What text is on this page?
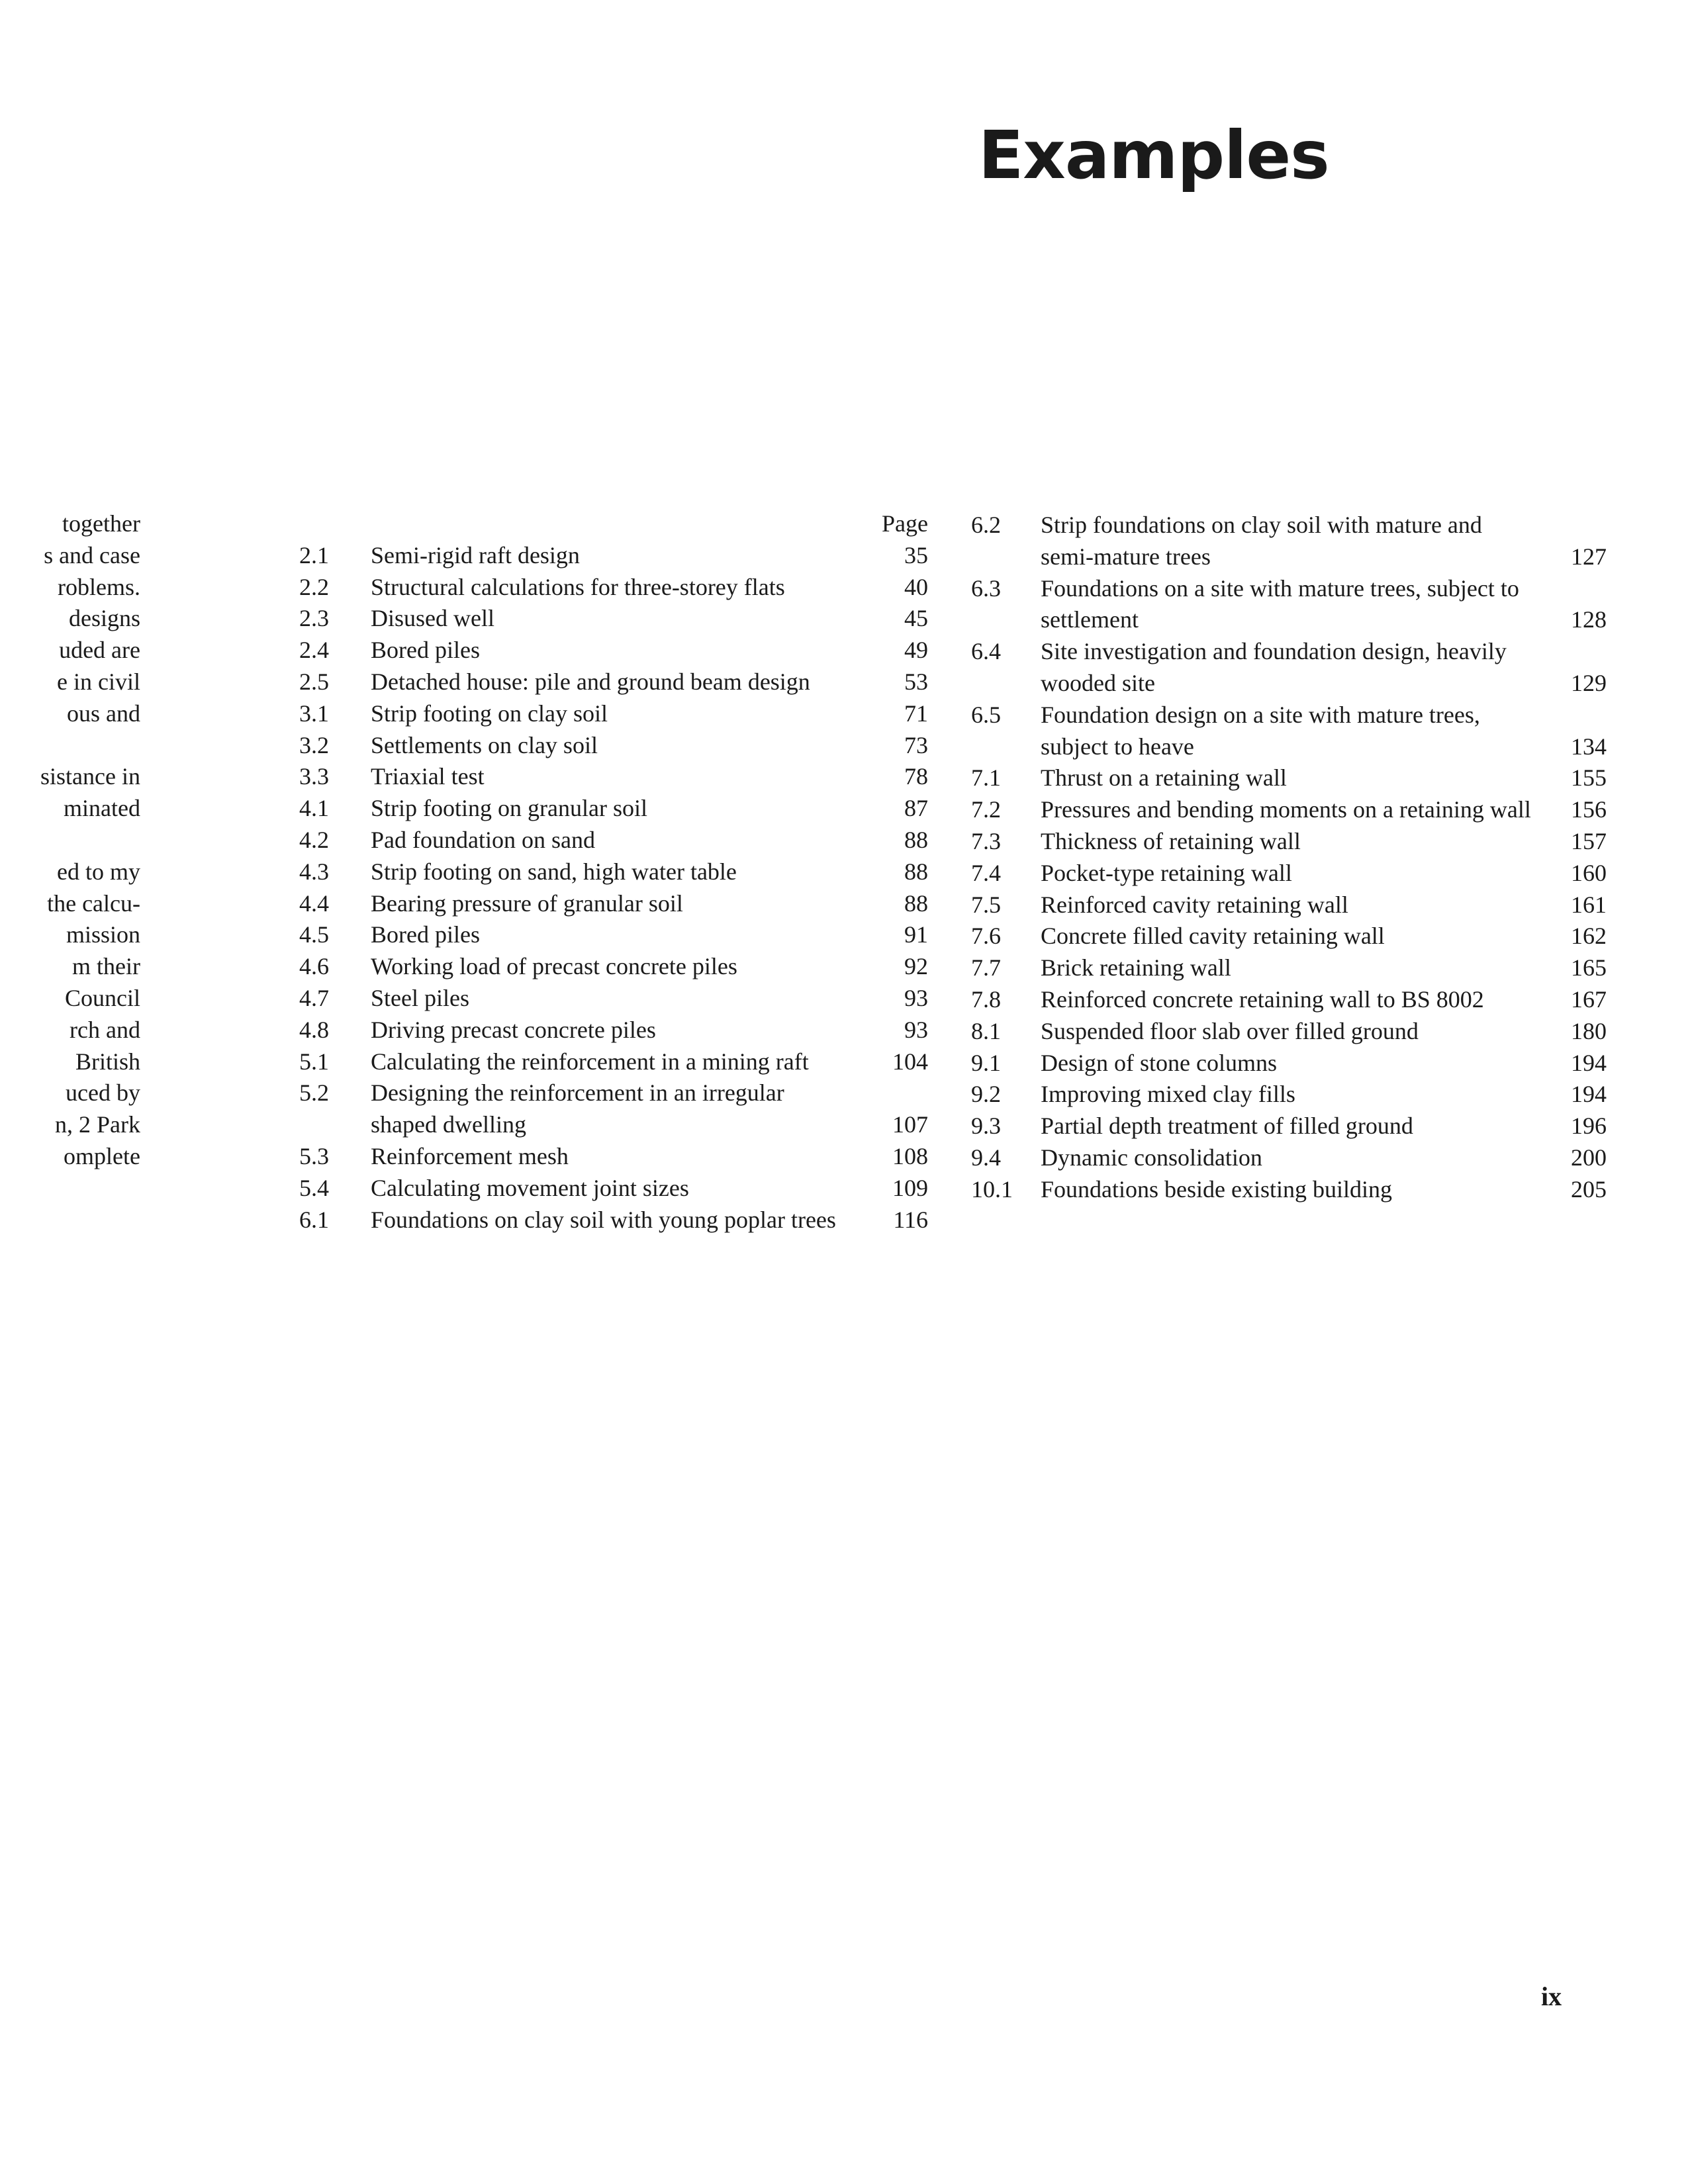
Examples
together
s and case
roblems.
designs
uded are
e in civil
ous and
sistance in
minated
ed to my
the calcu-
mission
m their
Council
rch and
British
uced by
n, 2 Park
omplete
Page
2.1	Semi-rigid raft design	35
2.2	Structural calculations for three-storey flats	40
2.3	Disused well	45
2.4	Bored piles	49
2.5	Detached house: pile and ground beam design	53
3.1	Strip footing on clay soil	71
3.2	Settlements on clay soil	73
3.3	Triaxial test	78
4.1	Strip footing on granular soil	87
4.2	Pad foundation on sand	88
4.3	Strip footing on sand, high water table	88
4.4	Bearing pressure of granular soil	88
4.5	Bored piles	91
4.6	Working load of precast concrete piles	92
4.7	Steel piles	93
4.8	Driving precast concrete piles	93
5.1	Calculating the reinforcement in a mining raft	104
5.2	Designing the reinforcement in an irregular shaped dwelling	107
5.3	Reinforcement mesh	108
5.4	Calculating movement joint sizes	109
6.1	Foundations on clay soil with young poplar trees	116
6.2	Strip foundations on clay soil with mature and semi-mature trees	127
6.3	Foundations on a site with mature trees, subject to settlement	128
6.4	Site investigation and foundation design, heavily wooded site	129
6.5	Foundation design on a site with mature trees, subject to heave	134
7.1	Thrust on a retaining wall	155
7.2	Pressures and bending moments on a retaining wall	156
7.3	Thickness of retaining wall	157
7.4	Pocket-type retaining wall	160
7.5	Reinforced cavity retaining wall	161
7.6	Concrete filled cavity retaining wall	162
7.7	Brick retaining wall	165
7.8	Reinforced concrete retaining wall to BS 8002	167
8.1	Suspended floor slab over filled ground	180
9.1	Design of stone columns	194
9.2	Improving mixed clay fills	194
9.3	Partial depth treatment of filled ground	196
9.4	Dynamic consolidation	200
10.1	Foundations beside existing building	205
ix
